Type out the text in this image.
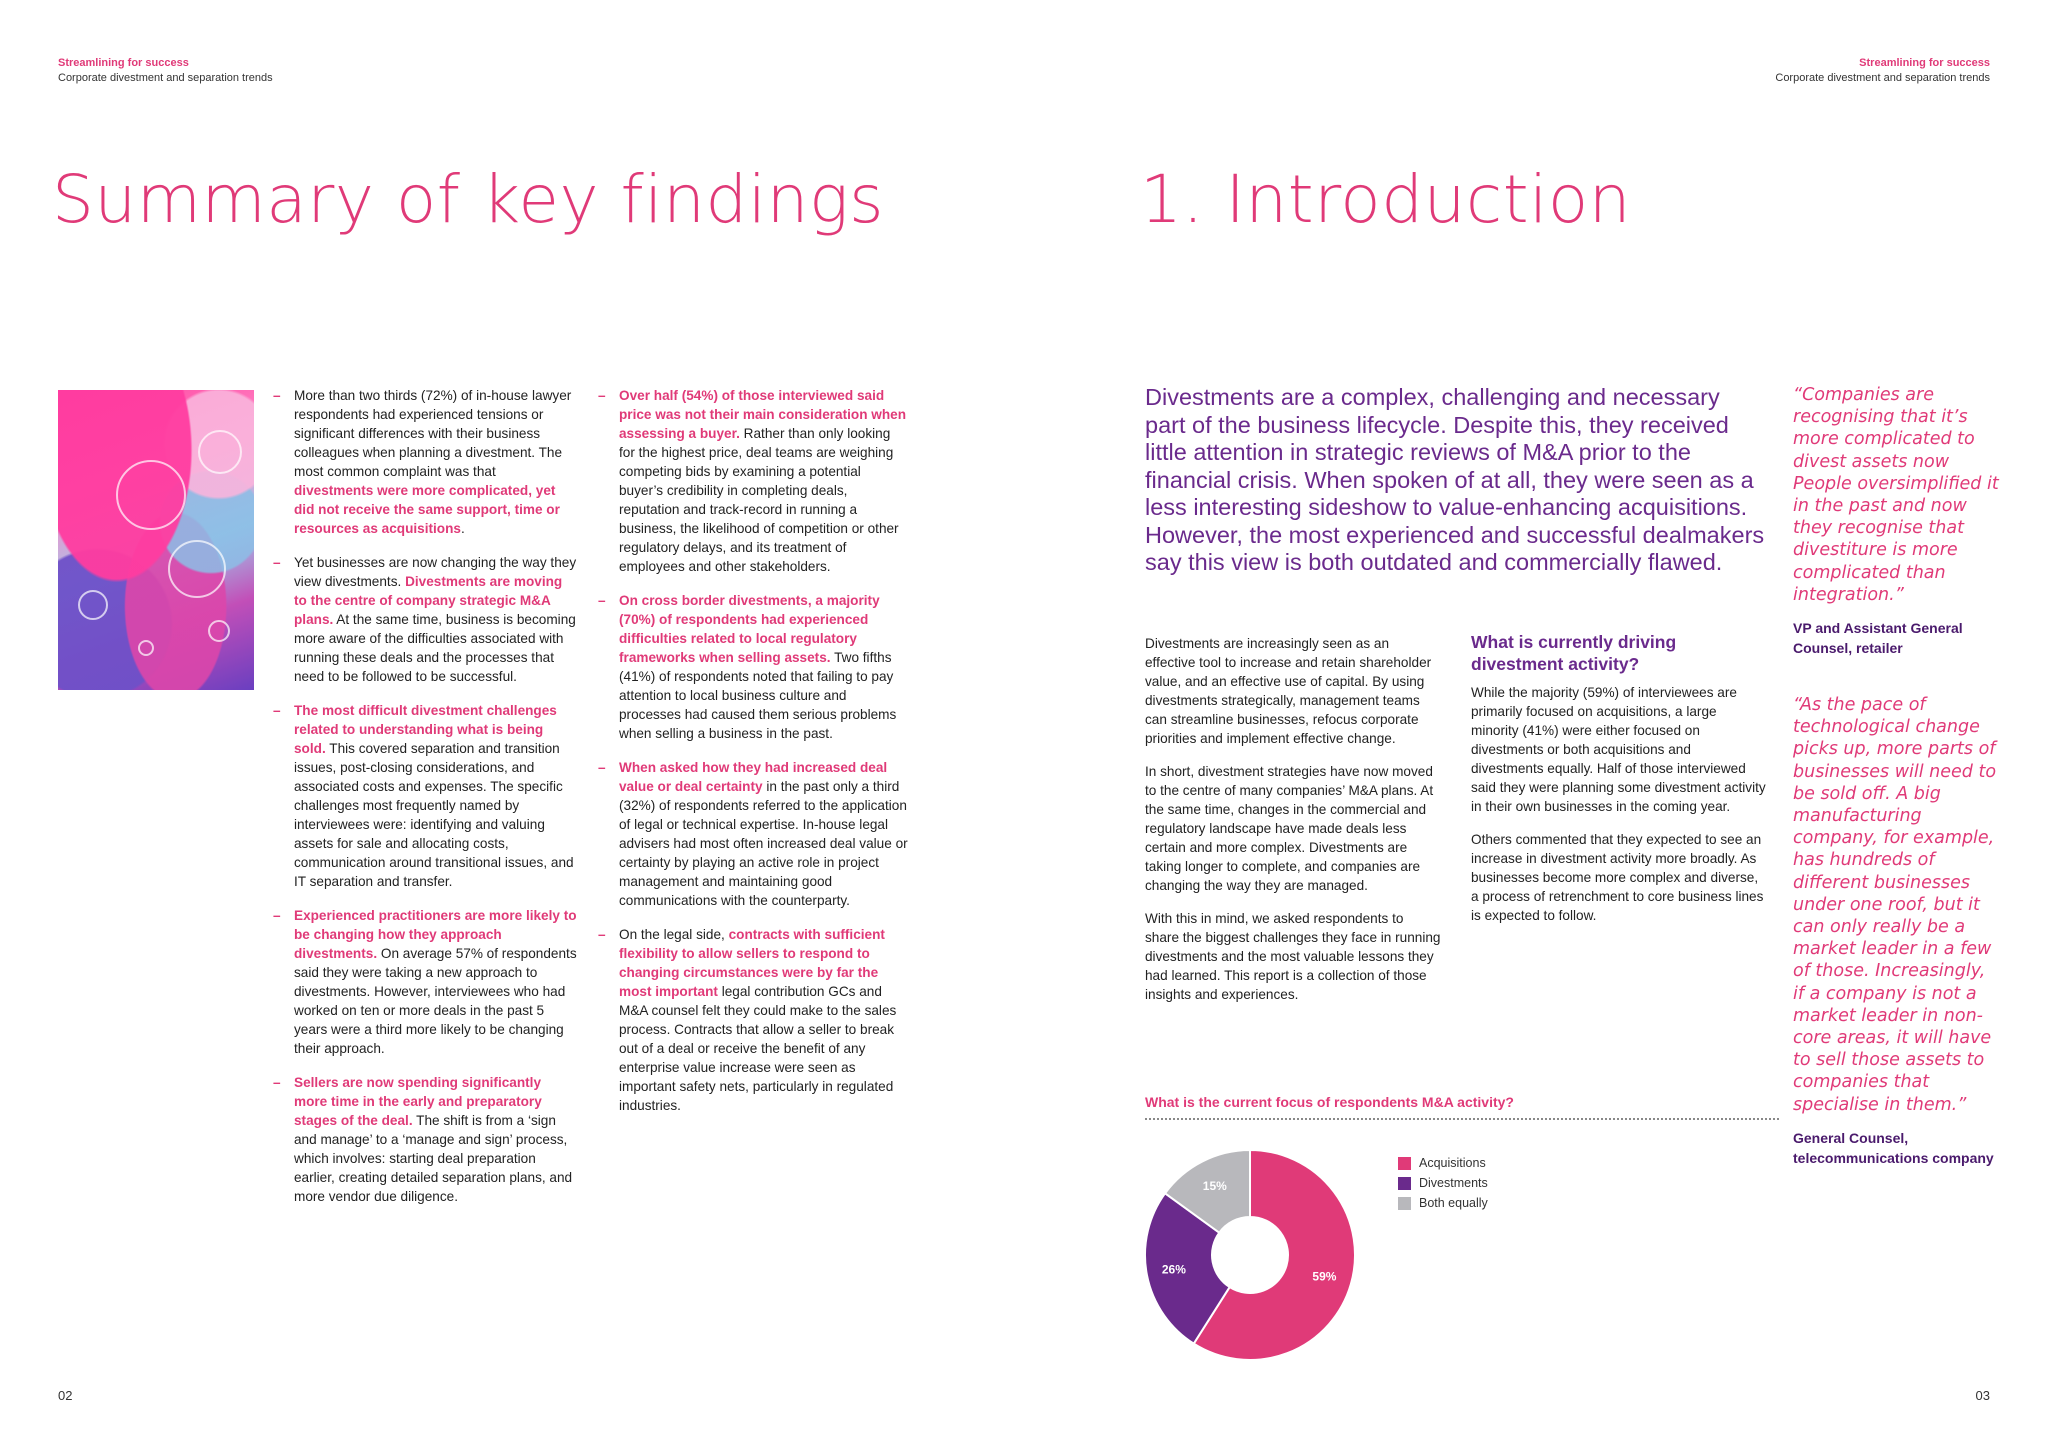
Streamlining for success
Corporate divestment and separation trends
Summary of key findings
– More than two thirds (72%) of in-house lawyer respondents had experienced tensions or significant differences with their business colleagues when planning a divestment. The most common complaint was that divestments were more complicated, yet did not receive the same support, time or resources as acquisitions.
– Yet businesses are now changing the way they view divestments. Divestments are moving to the centre of company strategic M&A plans. At the same time, business is becoming more aware of the difficulties associated with running these deals and the processes that need to be followed to be successful.
– The most difficult divestment challenges related to understanding what is being sold. This covered separation and transition issues, post-closing considerations, and associated costs and expenses. The specific challenges most frequently named by interviewees were: identifying and valuing assets for sale and allocating costs, communication around transitional issues, and IT separation and transfer.
– Experienced practitioners are more likely to be changing how they approach divestments. On average 57% of respondents said they were taking a new approach to divestments. However, interviewees who had worked on ten or more deals in the past 5 years were a third more likely to be changing their approach.
– Sellers are now spending significantly more time in the early and preparatory stages of the deal. The shift is from a ‘sign and manage’ to a ‘manage and sign’ process, which involves: starting deal preparation earlier, creating detailed separation plans, and more vendor due diligence.
– Over half (54%) of those interviewed said price was not their main consideration when assessing a buyer. Rather than only looking for the highest price, deal teams are weighing competing bids by examining a potential buyer’s credibility in completing deals, reputation and track-record in running a business, the likelihood of competition or other regulatory delays, and its treatment of employees and other stakeholders.
– On cross border divestments, a majority (70%) of respondents had experienced difficulties related to local regulatory frameworks when selling assets. Two fifths (41%) of respondents noted that failing to pay attention to local business culture and processes had caused them serious problems when selling a business in the past.
– When asked how they had increased deal value or deal certainty in the past only a third (32%) of respondents referred to the application of legal or technical expertise. In-house legal advisers had most often increased deal value or certainty by playing an active role in project management and maintaining good communications with the counterparty.
– On the legal side, contracts with sufficient flexibility to allow sellers to respond to changing circumstances were by far the most important legal contribution GCs and M&A counsel felt they could make to the sales process. Contracts that allow a seller to break out of a deal or receive the benefit of any enterprise value increase were seen as important safety nets, particularly in regulated industries.
02
Streamlining for success
Corporate divestment and separation trends
1. Introduction
Divestments are a complex, challenging and necessary part of the business lifecycle. Despite this, they received little attention in strategic reviews of M&A prior to the financial crisis. When spoken of at all, they were seen as a less interesting sideshow to value-enhancing acquisitions. However, the most experienced and successful dealmakers say this view is both outdated and commercially flawed.

Divestments are increasingly seen as an effective tool to increase and retain shareholder value, and an effective use of capital. By using divestments strategically, management teams can streamline businesses, refocus corporate priorities and implement effective change.

In short, divestment strategies have now moved to the centre of many companies’ M&A plans. At the same time, changes in the commercial and regulatory landscape have made deals less certain and more complex. Divestments are taking longer to complete, and companies are changing the way they are managed.

With this in mind, we asked respondents to share the biggest challenges they face in running divestments and the most valuable lessons they had learned. This report is a collection of those insights and experiences.

What is currently driving divestment activity?

While the majority (59%) of interviewees are primarily focused on acquisitions, a large minority (41%) were either focused on divestments or both acquisitions and divestments equally. Half of those interviewed said they were planning some divestment activity in their own businesses in the coming year.

Others commented that they expected to see an increase in divestment activity more broadly. As businesses become more complex and diverse, a process of retrenchment to core business lines is expected to follow.

What is the current focus of respondents M&A activity?
59%
26%
15%
Acquisitions
Divestments
Both equally
“Companies are recognising that it’s more complicated to divest assets now People oversimplified it in the past and now they recognise that divestiture is more complicated than integration.”
VP and Assistant General Counsel, retailer
“As the pace of technological change picks up, more parts of businesses will need to be sold off. A big manufacturing company, for example, has hundreds of different businesses under one roof, but it can only really be a market leader in a few of those. Increasingly, if a company is not a market leader in non-core areas, it will have to sell those assets to companies that specialise in them.”
General Counsel, telecommunications company
03
